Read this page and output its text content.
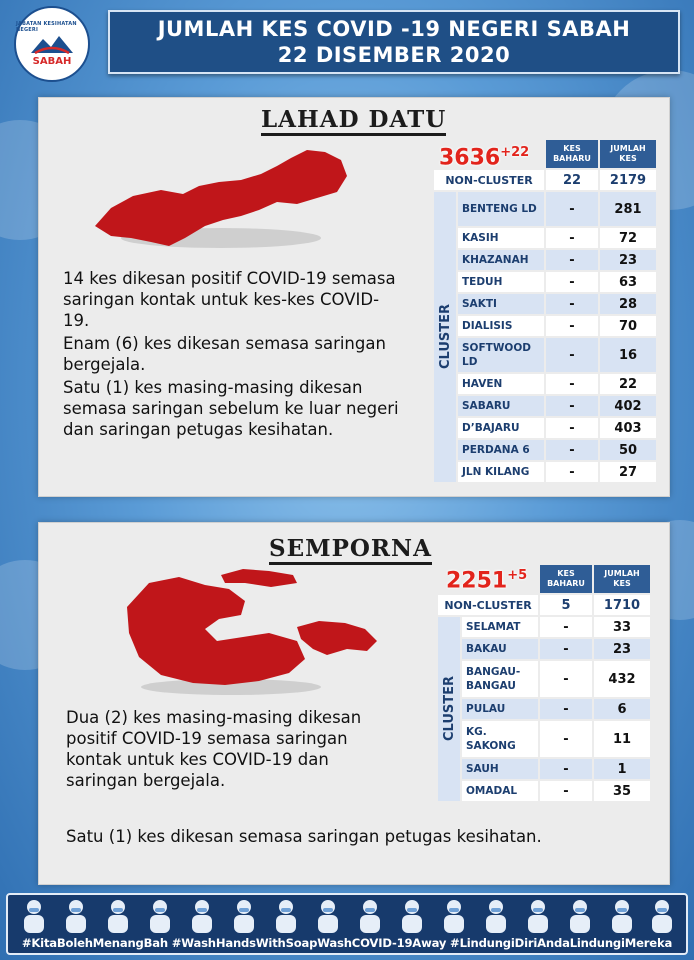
JABATAN KESIHATAN NEGERI
SABAH
JUMLAH KES COVID -19 NEGERI SABAH
22 DISEMBER 2020
LAHAD DATU
$3636^{+22}$
		KES BAHARU	JUMLAH KES
NON-CLUSTER		22	2179

CLUSTER	BENTENG LD	-	281
	KASIH	-	72
	KHAZANAH	-	23
	TEDUH	-	63
	SAKTI	-	28
	DIALISIS	-	70
	SOFTWOOD LD	-	16
	HAVEN	-	22
	SABARU	-	402
	D’BAJARU	-	403
	PERDANA 6	-	50
	JLN KILANG	-	27

14 kes dikesan positif COVID-19 semasa saringan kontak untuk kes-kes COVID-19.

Enam (6) kes dikesan semasa saringan bergejala.

Satu (1) kes masing-masing dikesan semasa saringan sebelum ke luar negeri dan saringan petugas kesihatan.

SEMPORNA
$2251^{+5}$
		KES BAHARU	JUMLAH KES
NON-CLUSTER		5	1710

CLUSTER	SELAMAT	-	33
	BAKAU	-	23
	BANGAU-BANGAU	-	432
	PULAU	-	6
	KG. SAKONG	-	11
	SAUH	-	1
	OMADAL	-	35

Dua (2) kes masing-masing dikesan positif COVID-19 semasa saringan kontak untuk kes COVID-19 dan saringan bergejala.

Satu (1) kes dikesan semasa saringan petugas kesihatan.

#KitaBolehMenangBah #WashHandsWithSoapWashCOVID-19Away #LindungiDiriAndaLindungiMereka
